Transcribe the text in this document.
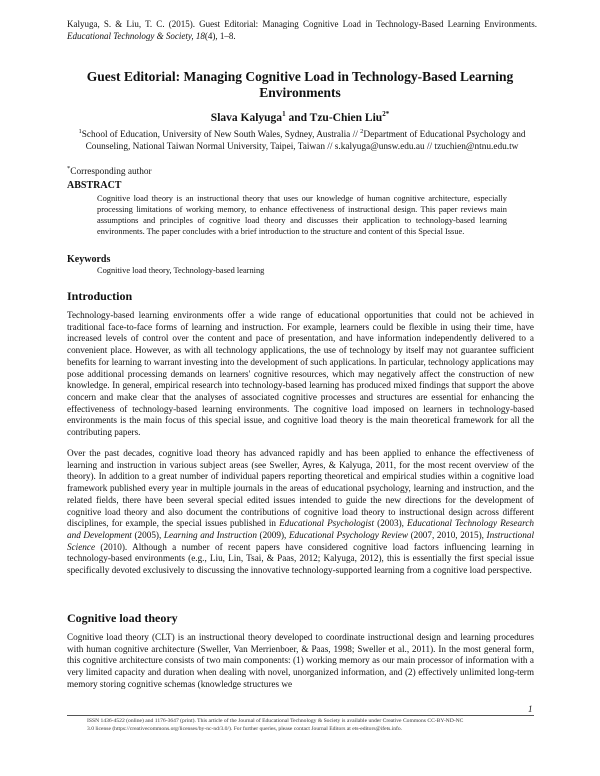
Kalyuga, S. & Liu, T. C. (2015). Guest Editorial: Managing Cognitive Load in Technology-Based Learning Environments. Educational Technology & Society, 18(4), 1–8.
Guest Editorial: Managing Cognitive Load in Technology-Based Learning Environments
Slava Kalyuga$^1$ and Tzu-Chien Liu$^{2*}$
$^1$School of Education, University of New South Wales, Sydney, Australia // $^2$Department of Educational Psychology and Counseling, National Taiwan Normal University, Taipei, Taiwan // s.kalyuga@unsw.edu.au // tzuchien@ntnu.edu.tw
*Corresponding author
ABSTRACT
Cognitive load theory is an instructional theory that uses our knowledge of human cognitive architecture, especially processing limitations of working memory, to enhance effectiveness of instructional design. This paper reviews main assumptions and principles of cognitive load theory and discusses their application to technology-based learning environments. The paper concludes with a brief introduction to the structure and content of this Special Issue.
Keywords
Cognitive load theory, Technology-based learning
Introduction
Technology-based learning environments offer a wide range of educational opportunities that could not be achieved in traditional face-to-face forms of learning and instruction. For example, learners could be flexible in using their time, have increased levels of control over the content and pace of presentation, and have information independently delivered to a convenient place. However, as with all technology applications, the use of technology by itself may not guarantee sufficient benefits for learning to warrant investing into the development of such applications. In particular, technology applications may pose additional processing demands on learners' cognitive resources, which may negatively affect the construction of new knowledge. In general, empirical research into technology-based learning has produced mixed findings that support the above concern and make clear that the analyses of associated cognitive processes and structures are essential for enhancing the effectiveness of technology-based learning environments. The cognitive load imposed on learners in technology-based environments is the main focus of this special issue, and cognitive load theory is the main theoretical framework for all the contributing papers.
Over the past decades, cognitive load theory has advanced rapidly and has been applied to enhance the effectiveness of learning and instruction in various subject areas (see Sweller, Ayres, & Kalyuga, 2011, for the most recent overview of the theory). In addition to a great number of individual papers reporting theoretical and empirical studies within a cognitive load framework published every year in multiple journals in the areas of educational psychology, learning and instruction, and the related fields, there have been several special edited issues intended to guide the new directions for the development of cognitive load theory and also document the contributions of cognitive load theory to instructional design across different disciplines, for example, the special issues published in Educational Psychologist (2003), Educational Technology Research and Development (2005), Learning and Instruction (2009), Educational Psychology Review (2007, 2010, 2015), Instructional Science (2010). Although a number of recent papers have considered cognitive load factors influencing learning in technology-based environments (e.g., Liu, Lin, Tsai, & Paas, 2012; Kalyuga, 2012), this is essentially the first special issue specifically devoted exclusively to discussing the innovative technology-supported learning from a cognitive load perspective.
Cognitive load theory
Cognitive load theory (CLT) is an instructional theory developed to coordinate instructional design and learning procedures with human cognitive architecture (Sweller, Van Merrienboer, & Paas, 1998; Sweller et al., 2011). In the most general form, this cognitive architecture consists of two main components: (1) working memory as our main processor of information with a very limited capacity and duration when dealing with novel, unorganized information, and (2) effectively unlimited long-term memory storing cognitive schemas (knowledge structures we
1
ISSN 1436-4522 (online) and 1176-3647 (print). This article of the Journal of Educational Technology & Society is available under Creative Commons CC-BY-ND-NC
3.0 license (https://creativecommons.org/licenses/by-nc-nd/3.0/). For further queries, please contact Journal Editors at ets-editors@ifets.info.
